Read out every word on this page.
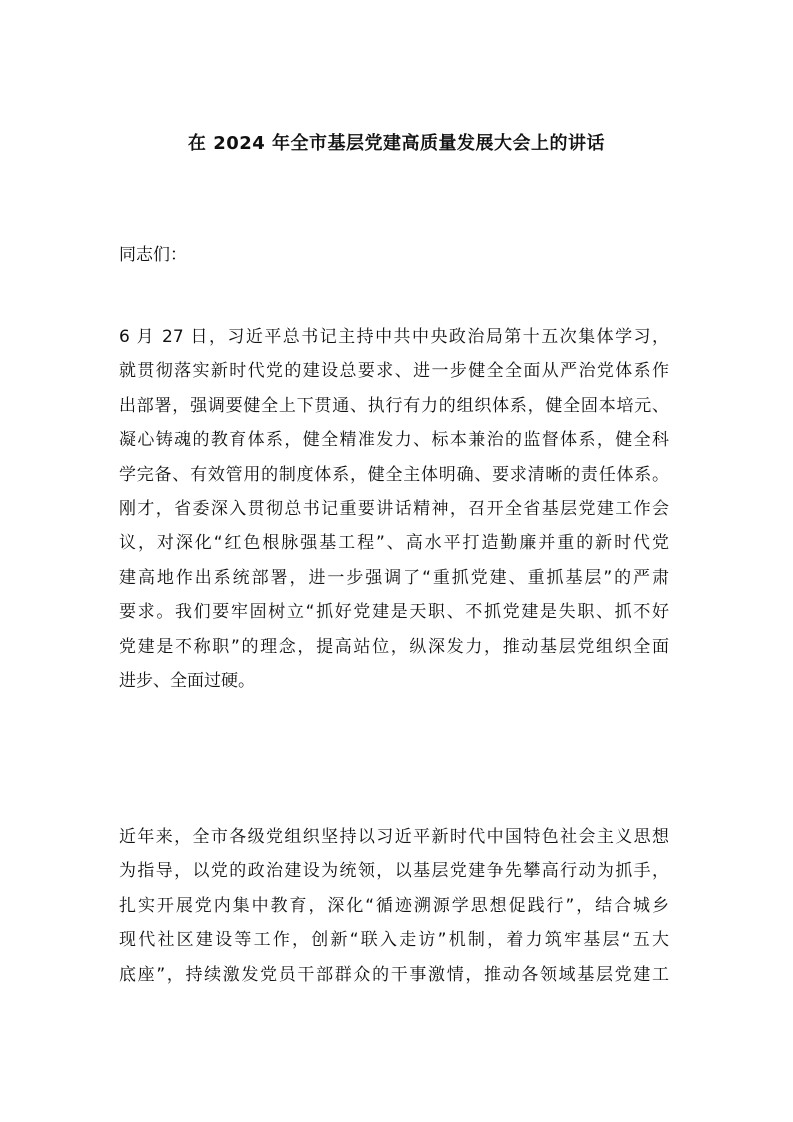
在 2024 年全市基层党建高质量发展大会上的讲话
同志们：
6 月 27 日，习近平总书记主持中共中央政治局第十五次集体学习，
就贯彻落实新时代党的建设总要求、进一步健全全面从严治党体系作
出部署，强调要健全上下贯通、执行有力的组织体系，健全固本培元、
凝心铸魂的教育体系，健全精准发力、标本兼治的监督体系，健全科
学完备、有效管用的制度体系，健全主体明确、要求清晰的责任体系。
刚才，省委深入贯彻总书记重要讲话精神，召开全省基层党建工作会
议，对深化“红色根脉强基工程”、高水平打造勤廉并重的新时代党
建高地作出系统部署，进一步强调了“重抓党建、重抓基层”的严肃
要求。我们要牢固树立“抓好党建是天职、不抓党建是失职、抓不好
党建是不称职”的理念，提高站位，纵深发力，推动基层党组织全面
进步、全面过硬。
近年来，全市各级党组织坚持以习近平新时代中国特色社会主义思想
为指导，以党的政治建设为统领，以基层党建争先攀高行动为抓手，
扎实开展党内集中教育，深化“循迹溯源学思想促践行”，结合城乡
现代社区建设等工作，创新“联入走访”机制，着力筑牢基层“五大
底座”，持续激发党员干部群众的干事激情，推动各领域基层党建工
